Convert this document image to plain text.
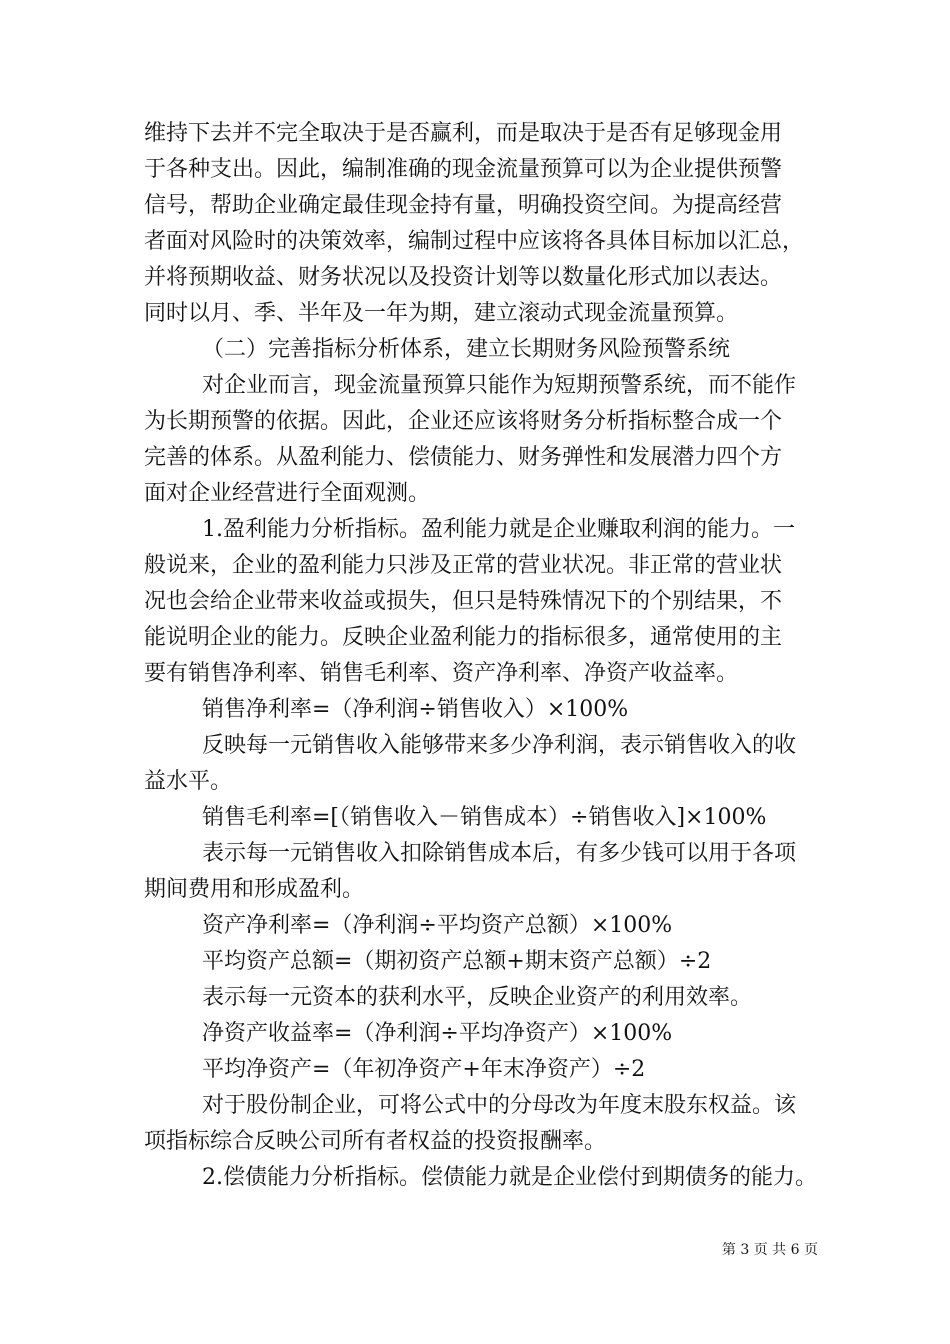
维持下去并不完全取决于是否赢利，而是取决于是否有足够现金用
于各种支出。因此，编制准确的现金流量预算可以为企业提供预警
信号，帮助企业确定最佳现金持有量，明确投资空间。为提高经营
者面对风险时的决策效率，编制过程中应该将各具体目标加以汇总，
并将预期收益、财务状况以及投资计划等以数量化形式加以表达。
同时以月、季、半年及一年为期，建立滚动式现金流量预算。
（二）完善指标分析体系，建立长期财务风险预警系统
对企业而言，现金流量预算只能作为短期预警系统，而不能作
为长期预警的依据。因此，企业还应该将财务分析指标整合成一个
完善的体系。从盈利能力、偿债能力、财务弹性和发展潜力四个方
面对企业经营进行全面观测。
1.盈利能力分析指标。盈利能力就是企业赚取利润的能力。一
般说来，企业的盈利能力只涉及正常的营业状况。非正常的营业状
况也会给企业带来收益或损失，但只是特殊情况下的个别结果，不
能说明企业的能力。反映企业盈利能力的指标很多，通常使用的主
要有销售净利率、销售毛利率、资产净利率、净资产收益率。
销售净利率=（净利润÷销售收入）×100%
反映每一元销售收入能够带来多少净利润，表示销售收入的收
益水平。
销售毛利率=[（销售收入－销售成本）÷销售收入]×100%
表示每一元销售收入扣除销售成本后，有多少钱可以用于各项
期间费用和形成盈利。
资产净利率=（净利润÷平均资产总额）×100%
平均资产总额=（期初资产总额+期末资产总额）÷2
表示每一元资本的获利水平，反映企业资产的利用效率。
净资产收益率=（净利润÷平均净资产）×100%
平均净资产=（年初净资产+年末净资产）÷2
对于股份制企业，可将公式中的分母改为年度末股东权益。该
项指标综合反映公司所有者权益的投资报酬率。
2.偿债能力分析指标。偿债能力就是企业偿付到期债务的能力。
第 3 页 共 6 页
